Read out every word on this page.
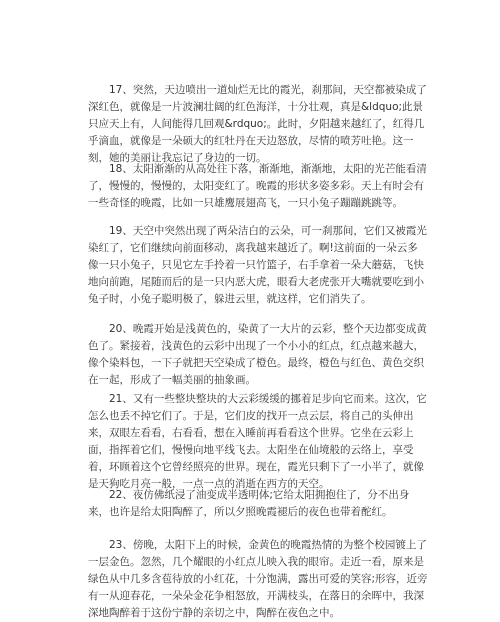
17、突然，天边喷出一道灿烂无比的霞光，刹那间，天空都被染成了深红色，就像是一片波澜壮阔的红色海洋，十分壮观，真是&ldquo;此景只应天上有，人间能得几回观&rdquo;。此时，夕阳越来越红了，红得几乎滴血，就像是一朵硕大的红牡丹在天边怒放，尽情的喷芳吐艳。这一刻，她的美丽让我忘记了身边的一切。

18、太阳渐渐的从高处往下落，渐渐地，渐渐地，太阳的光芒能看清了，慢慢的，慢慢的，太阳变红了。晚霞的形状多姿多彩。天上有时会有一些奇怪的晚霞，比如一只雄鹰展翅高飞，一只小兔子蹦蹦跳跳等。

19、天空中突然出现了两朵洁白的云朵，可一刹那间，它们又被霞光染红了，它们继续向前面移动，离我越来越近了。啊!这前面的一朵云多像一只小兔子，只见它左手拎着一只竹篮子，右手拿着一朵大蘑菇，飞快地向前跑，尾随而后的是一只内恶大虎，眼看大老虎张开大嘴就要吃到小兔子时，小兔子聪明极了，躲进云里，就这样，它们消失了。

20、晚霞开始是浅黄色的，染黄了一大片的云彩，整个天边都变成黄色了。紧接着，浅黄色的云彩中出现了一个小小的红点，红点越来越大，像个染料包，一下子就把天空染成了橙色。最终，橙色与红色、黄色交织在一起，形成了一幅美丽的抽象画。

21、又有一些整块整块的大云彩缓缓的挪着足步向它而来。这次，它怎么也丢不掉它们了。于是，它们皮的找开一点云层，将自己的头伸出来，双眼左看看，右看看，想在入睡前再看看这个世界。它坐在云彩上面，指挥着它们，慢慢向地平线飞去。太阳坐在仙境般的云络上，享受着，环顾着这个它曾经照亮的世界。现在，霞光只剩下了一小半了，就像是天狗吃月亮一般，一点一点的消逝在西方的天空。

22、夜仿佛纸浸了油变成半透明体;它给太阳拥抱住了，分不出身来，也许是给太阳陶醉了，所以夕照晚霞褪后的夜色也带着酡红。

23、傍晚，太阳下上的时候，金黄色的晚霞热情的为整个校园镀上了一层金色。忽然，几个耀眼的小红点儿映入我的眼帘。走近一看，原来是绿色从中几多含苞待放的小红花，十分饱满，露出可爱的笑容;形容，近旁有一从迎春花，一朵朵金花争相怒放，开满枝头，在落日的余晖中，我深深地陶醉着于这份宁静的亲切之中，陶醉在夜色之中。
